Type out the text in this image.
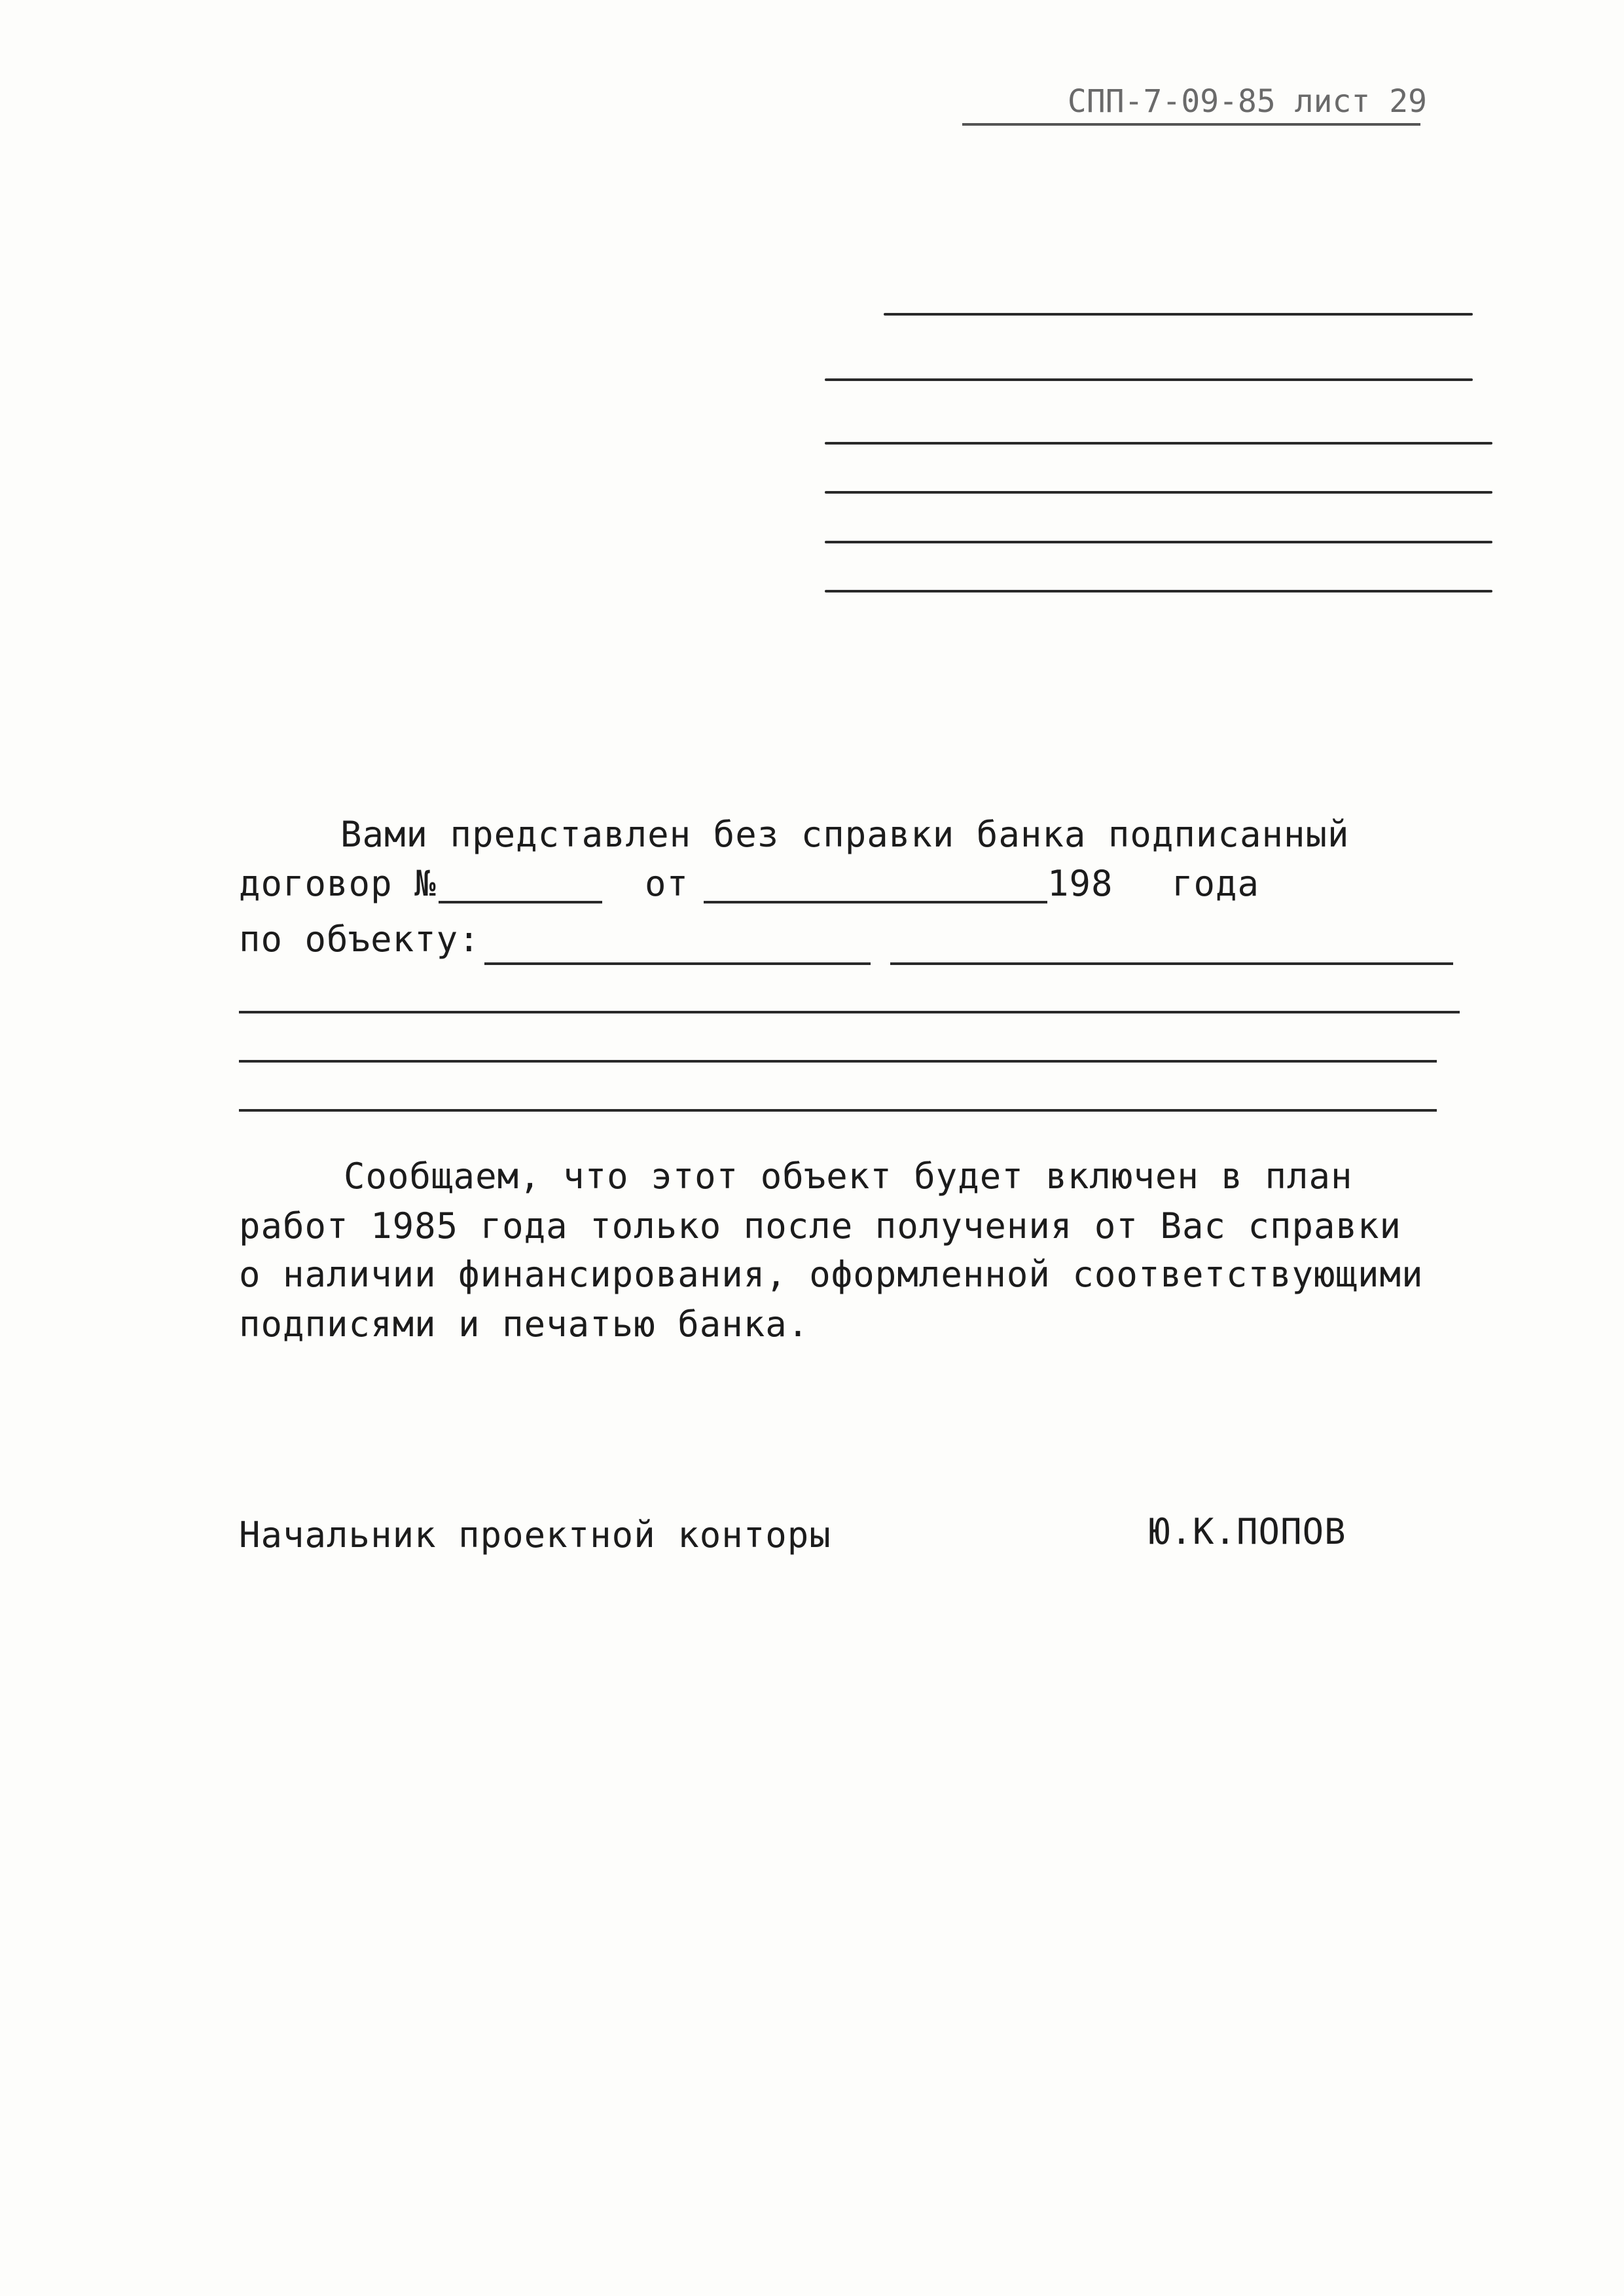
СПП-7-09-85 лист 29
Вами представлен без справки банка подписанный
договор №	от	198 года
по объекту:
Сообщаем, что этот объект будет включен в план
работ 1985 года только после получения от Вас справки
о наличии финансирования, оформленной соответствующими
подписями и печатью банка.
Начальник проектной конторы	Ю.К.ПОПОВ
